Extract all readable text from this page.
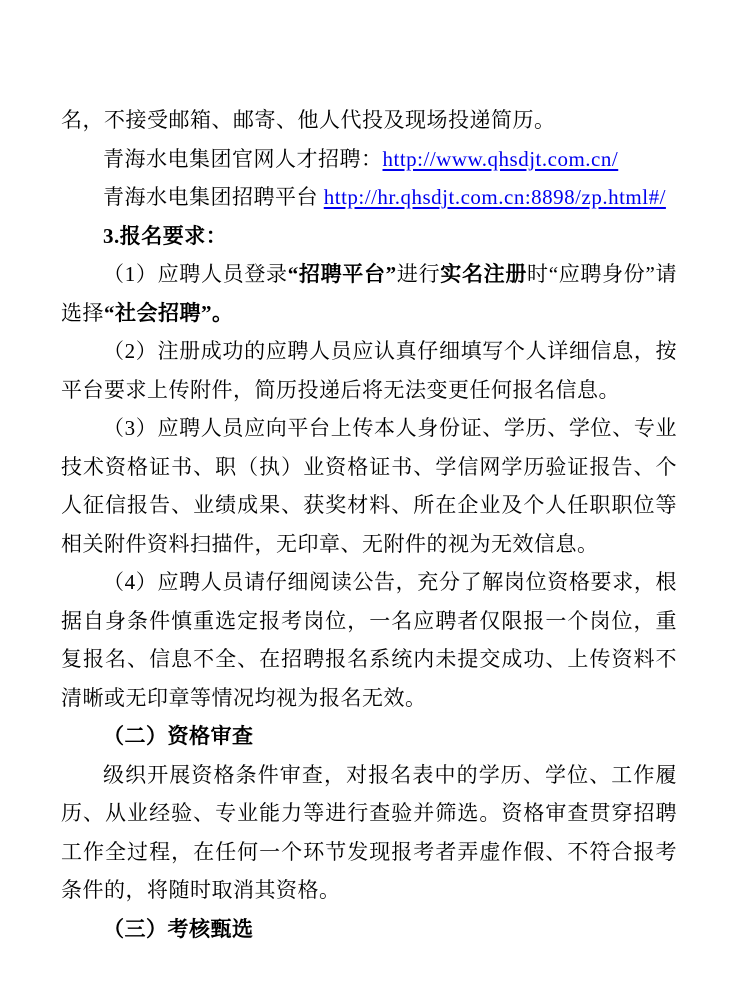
名，不接受邮箱、邮寄、他人代投及现场投递简历。

青海水电集团官网人才招聘：http://www.qhsdjt.com.cn/

青海水电集团招聘平台 http://hr.qhsdjt.com.cn:8898/zp.html#/

3.报名要求：

（1）应聘人员登录“招聘平台”进行实名注册时“应聘身份”请选择“社会招聘”。

（2）注册成功的应聘人员应认真仔细填写个人详细信息，按平台要求上传附件，简历投递后将无法变更任何报名信息。

（3）应聘人员应向平台上传本人身份证、学历、学位、专业技术资格证书、职（执）业资格证书、学信网学历验证报告、个人征信报告、业绩成果、获奖材料、所在企业及个人任职职位等相关附件资料扫描件，无印章、无附件的视为无效信息。

（4）应聘人员请仔细阅读公告，充分了解岗位资格要求，根据自身条件慎重选定报考岗位，一名应聘者仅限报一个岗位，重复报名、信息不全、在招聘报名系统内未提交成功、上传资料不清晰或无印章等情况均视为报名无效。

（二）资格审查

级织开展资格条件审查，对报名表中的学历、学位、工作履历、从业经验、专业能力等进行查验并筛选。资格审查贯穿招聘工作全过程，在任何一个环节发现报考者弄虚作假、不符合报考条件的，将随时取消其资格。

（三）考核甄选
